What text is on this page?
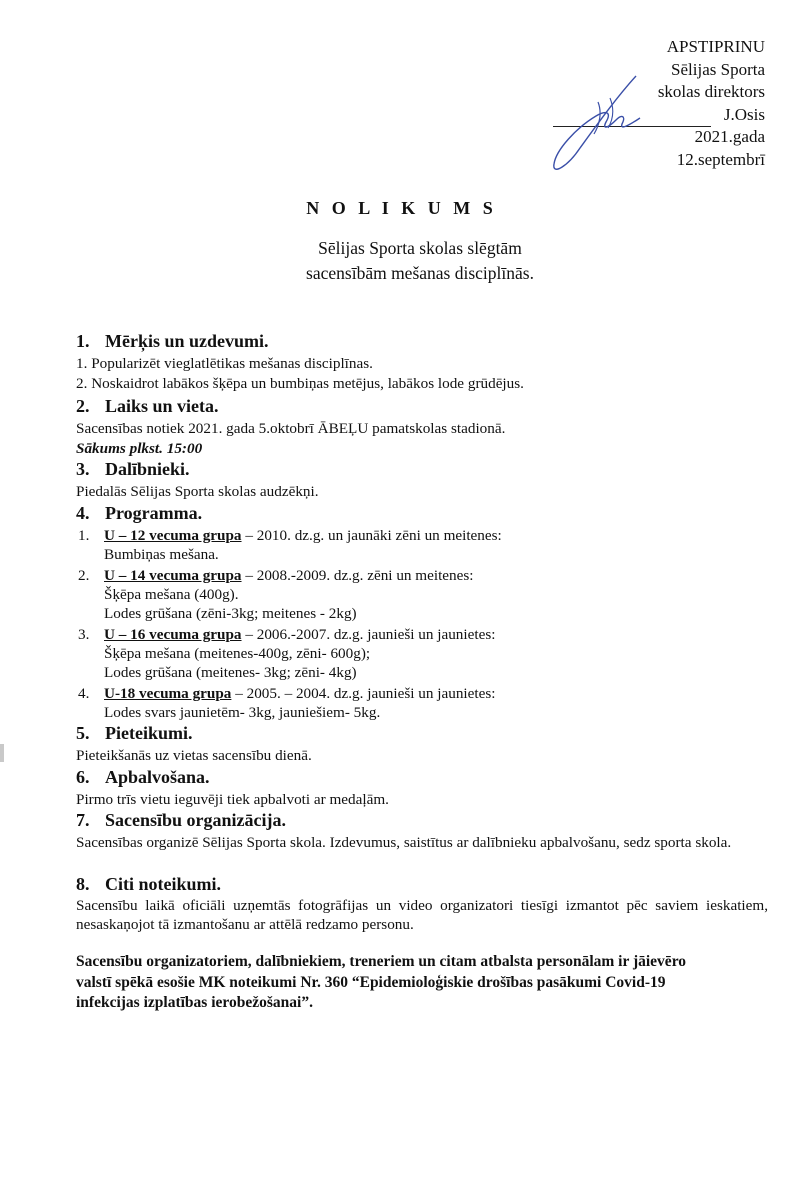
APSTIPRINU
Sēlijas Sporta
skolas direktors
J.Osis
2021.gada
12.septembrī
N O L I K U M S
Sēlijas Sporta skolas slēgtām
sacensībām mešanas disciplīnās.
1. Mērķis un uzdevumi.
1. Popularizēt vieglatlētikas mešanas disciplīnas.
2. Noskaidrot labākos šķēpa un bumbiņas metējus, labākos lode grūdējus.
2. Laiks un vieta.
Sacensības notiek 2021. gada 5.oktobrī ĀBEĻU pamatskolas stadionā.
Sākums plkst. 15:00
3. Dalībnieki.
Piedalās Sēlijas Sporta skolas audzēkņi.
4. Programma.
1. U – 12 vecuma grupa – 2010. dz.g. un jaunāki zēni un meitenes:
Bumbiņas mešana.
2. U – 14 vecuma grupa – 2008.-2009. dz.g. zēni un meitenes:
Šķēpa mešana (400g).
Lodes grūšana (zēni-3kg; meitenes - 2kg)
3. U – 16 vecuma grupa – 2006.-2007. dz.g. jaunieši un jaunietes:
Šķēpa mešana (meitenes-400g, zēni- 600g);
Lodes grūšana (meitenes- 3kg; zēni- 4kg)
4. U-18 vecuma grupa – 2005. – 2004. dz.g. jaunieši un jaunietes:
Lodes svars jaunietēm- 3kg, jauniešiem- 5kg.
5. Pieteikumi.
Pieteikšanās uz vietas sacensību dienā.
6. Apbalvošana.
Pirmo trīs vietu ieguvēji tiek apbalvoti ar medaļām.
7. Sacensību organizācija.
Sacensības organizē Sēlijas Sporta skola. Izdevumus, saistītus ar dalībnieku apbalvošanu, sedz sporta skola.
8. Citi noteikumi.
Sacensību laikā oficiāli uzņemtās fotogrāfijas un video organizatori tiesīgi izmantot pēc saviem ieskatiem, nesaskaņojot tā izmantošanu ar attēlā redzamo personu.
Sacensību organizatoriem, dalībniekiem, treneriem un citam atbalsta personālam ir jāievēro
valstī spēkā esošie MK noteikumi Nr. 360 “Epidemioloģiskie drošības pasākumi Covid-19
infekcijas izplatības ierobežošanai”.
